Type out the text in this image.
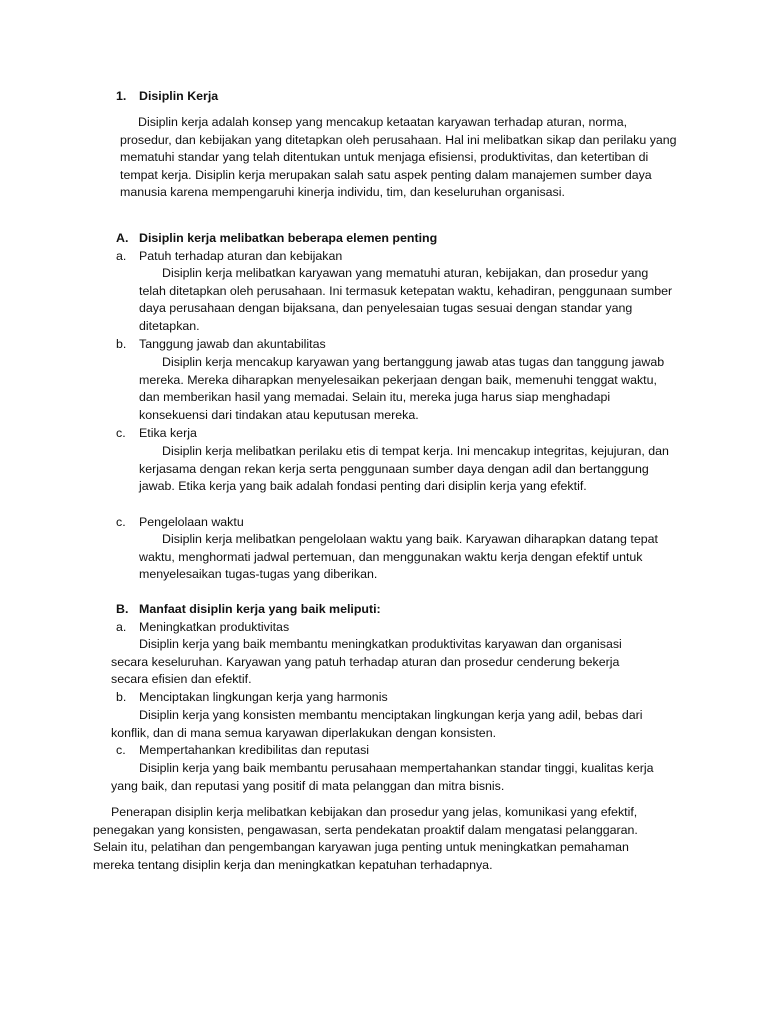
1. Disiplin Kerja
Disiplin kerja adalah konsep yang mencakup ketaatan karyawan terhadap aturan, norma, prosedur, dan kebijakan yang ditetapkan oleh perusahaan. Hal ini melibatkan sikap dan perilaku yang mematuhi standar yang telah ditentukan untuk menjaga efisiensi, produktivitas, dan ketertiban di tempat kerja. Disiplin kerja merupakan salah satu aspek penting dalam manajemen sumber daya manusia karena mempengaruhi kinerja individu, tim, dan keseluruhan organisasi.
A. Disiplin kerja melibatkan beberapa elemen penting
a. Patuh terhadap aturan dan kebijakan
Disiplin kerja melibatkan karyawan yang mematuhi aturan, kebijakan, dan prosedur yang telah ditetapkan oleh perusahaan. Ini termasuk ketepatan waktu, kehadiran, penggunaan sumber daya perusahaan dengan bijaksana, dan penyelesaian tugas sesuai dengan standar yang ditetapkan.
b. Tanggung jawab dan akuntabilitas
Disiplin kerja mencakup karyawan yang bertanggung jawab atas tugas dan tanggung jawab mereka. Mereka diharapkan menyelesaikan pekerjaan dengan baik, memenuhi tenggat waktu, dan memberikan hasil yang memadai. Selain itu, mereka juga harus siap menghadapi konsekuensi dari tindakan atau keputusan mereka.
c. Etika kerja
Disiplin kerja melibatkan perilaku etis di tempat kerja. Ini mencakup integritas, kejujuran, dan kerjasama dengan rekan kerja serta penggunaan sumber daya dengan adil dan bertanggung jawab. Etika kerja yang baik adalah fondasi penting dari disiplin kerja yang efektif.
c. Pengelolaan waktu
Disiplin kerja melibatkan pengelolaan waktu yang baik. Karyawan diharapkan datang tepat waktu, menghormati jadwal pertemuan, dan menggunakan waktu kerja dengan efektif untuk menyelesaikan tugas-tugas yang diberikan.
B. Manfaat disiplin kerja yang baik meliputi:
a. Meningkatkan produktivitas
Disiplin kerja yang baik membantu meningkatkan produktivitas karyawan dan organisasi secara keseluruhan. Karyawan yang patuh terhadap aturan dan prosedur cenderung bekerja secara efisien dan efektif.
b. Menciptakan lingkungan kerja yang harmonis
Disiplin kerja yang konsisten membantu menciptakan lingkungan kerja yang adil, bebas dari konflik, dan di mana semua karyawan diperlakukan dengan konsisten.
c. Mempertahankan kredibilitas dan reputasi
Disiplin kerja yang baik membantu perusahaan mempertahankan standar tinggi, kualitas kerja yang baik, dan reputasi yang positif di mata pelanggan dan mitra bisnis.
Penerapan disiplin kerja melibatkan kebijakan dan prosedur yang jelas, komunikasi yang efektif, penegakan yang konsisten, pengawasan, serta pendekatan proaktif dalam mengatasi pelanggaran. Selain itu, pelatihan dan pengembangan karyawan juga penting untuk meningkatkan pemahaman mereka tentang disiplin kerja dan meningkatkan kepatuhan terhadapnya.
